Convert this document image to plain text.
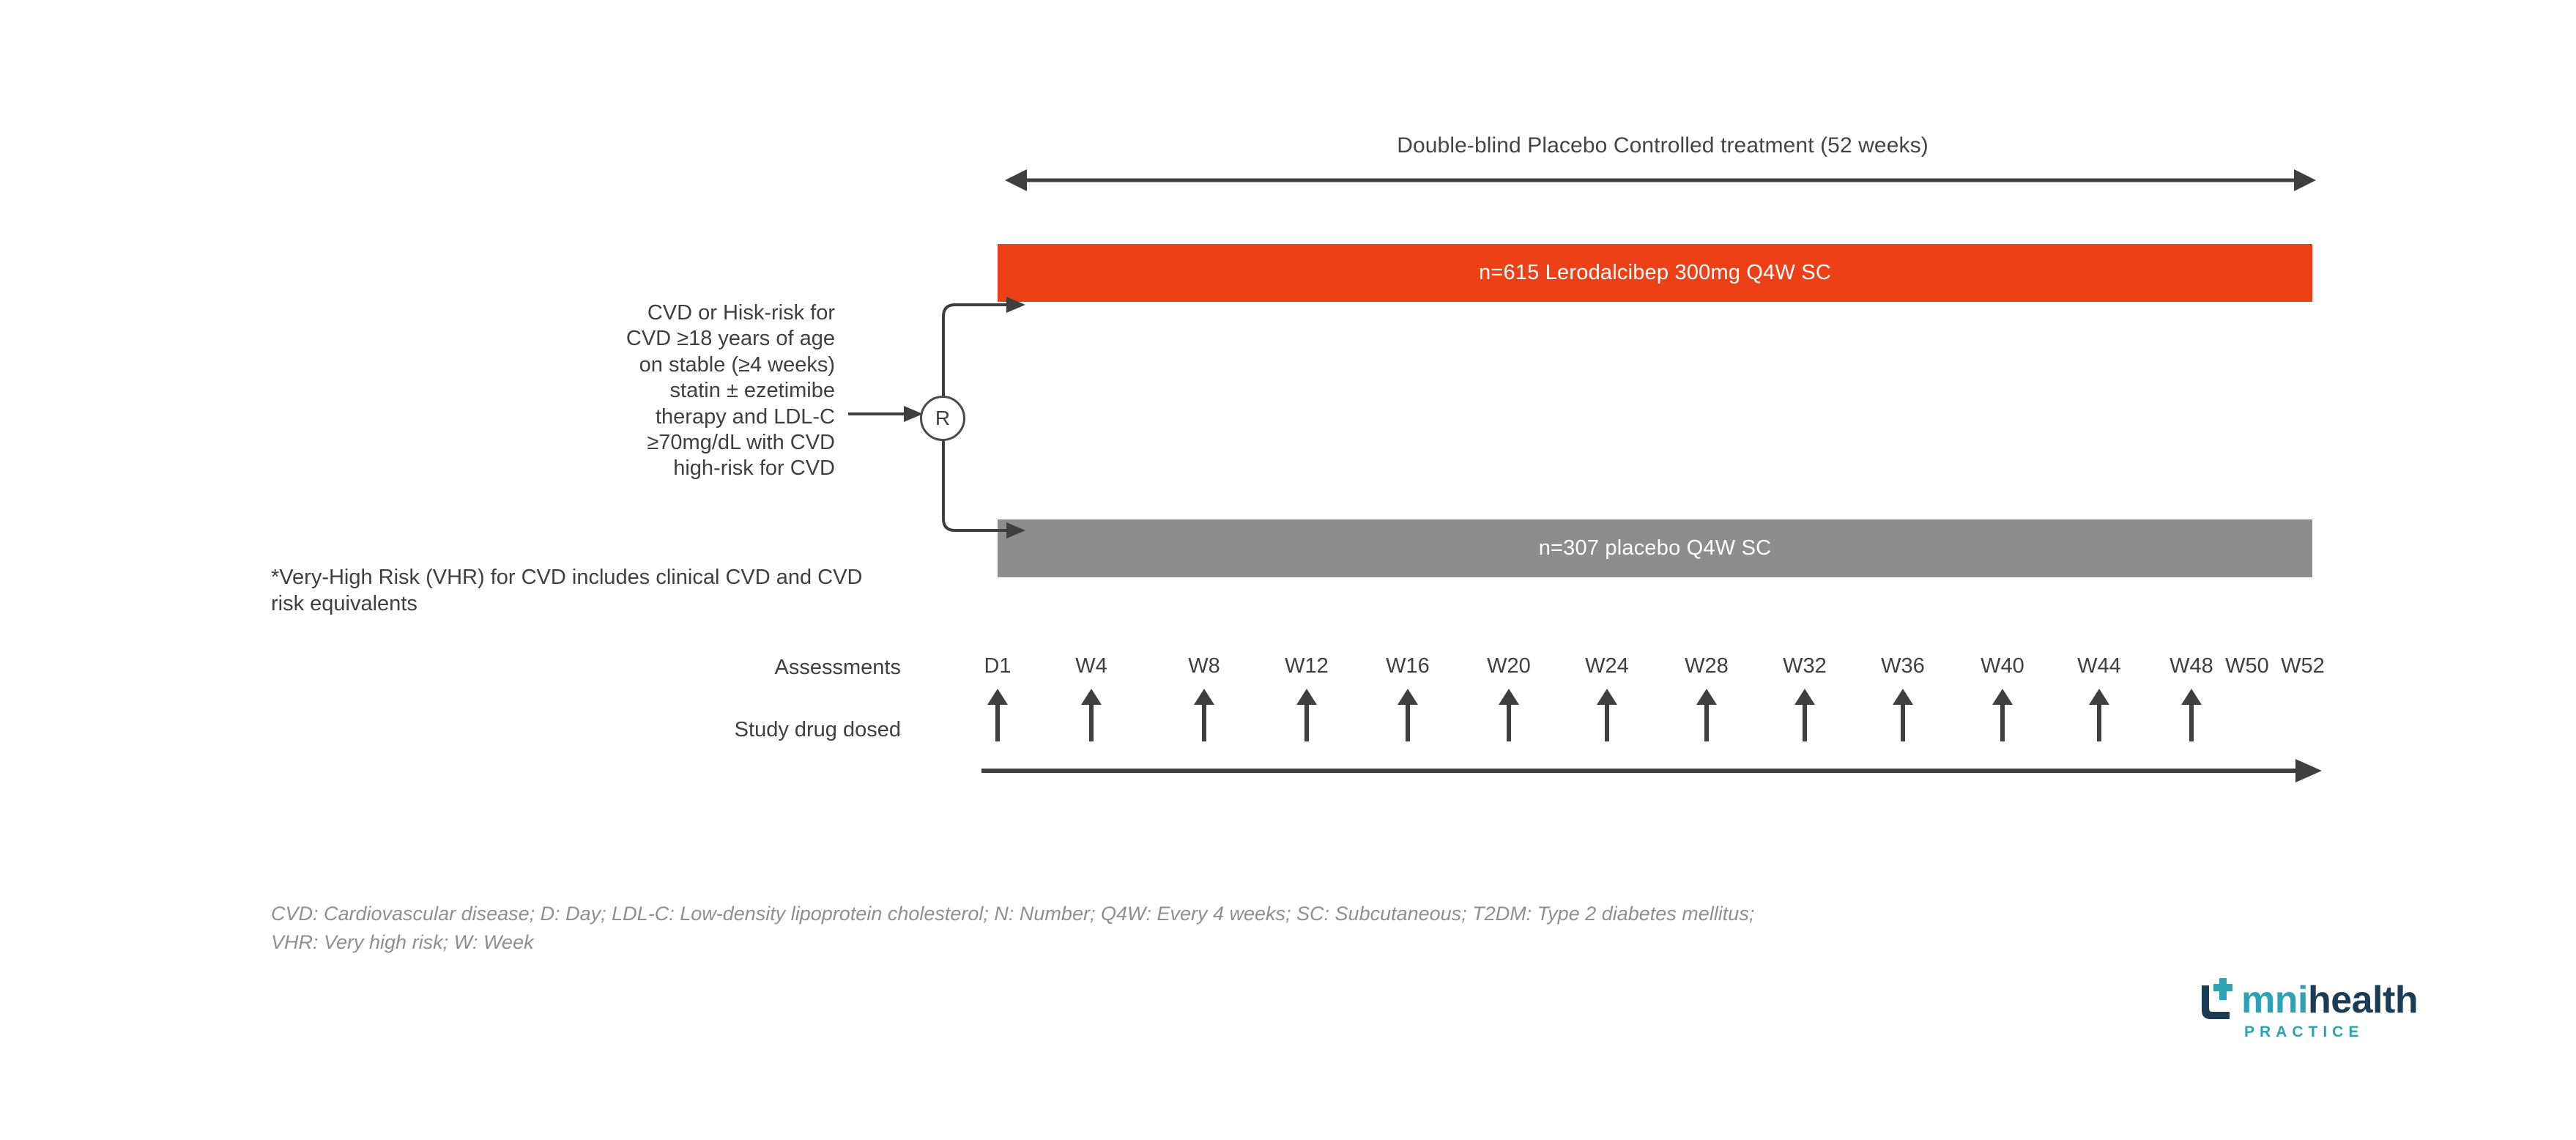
Double-blind Placebo Controlled treatment (52 weeks)
n=615 Lerodalcibep 300mg Q4W SC
n=307 placebo Q4W SC
CVD or Hisk-risk for
CVD ≥18 years of age
on stable (≥4 weeks)
statin ± ezetimibe
therapy and LDL-C
≥70mg/dL with CVD
high-risk for CVD
*Very-High Risk (VHR) for CVD includes clinical CVD and CVD risk equivalents
R
Assessments
Study drug dosed
D1	W4	W8	W12	W16	W20	W24	W28	W32	W36	W40 W44 W48 W50 W52
CVD: Cardiovascular disease; D: Day; LDL-C: Low-density lipoprotein cholesterol; N: Number; Q4W: Every 4 weeks; SC: Subcutaneous; T2DM: Type 2 diabetes mellitus;
VHR: Very high risk; W: Week
mnihealth
PRACTICE
